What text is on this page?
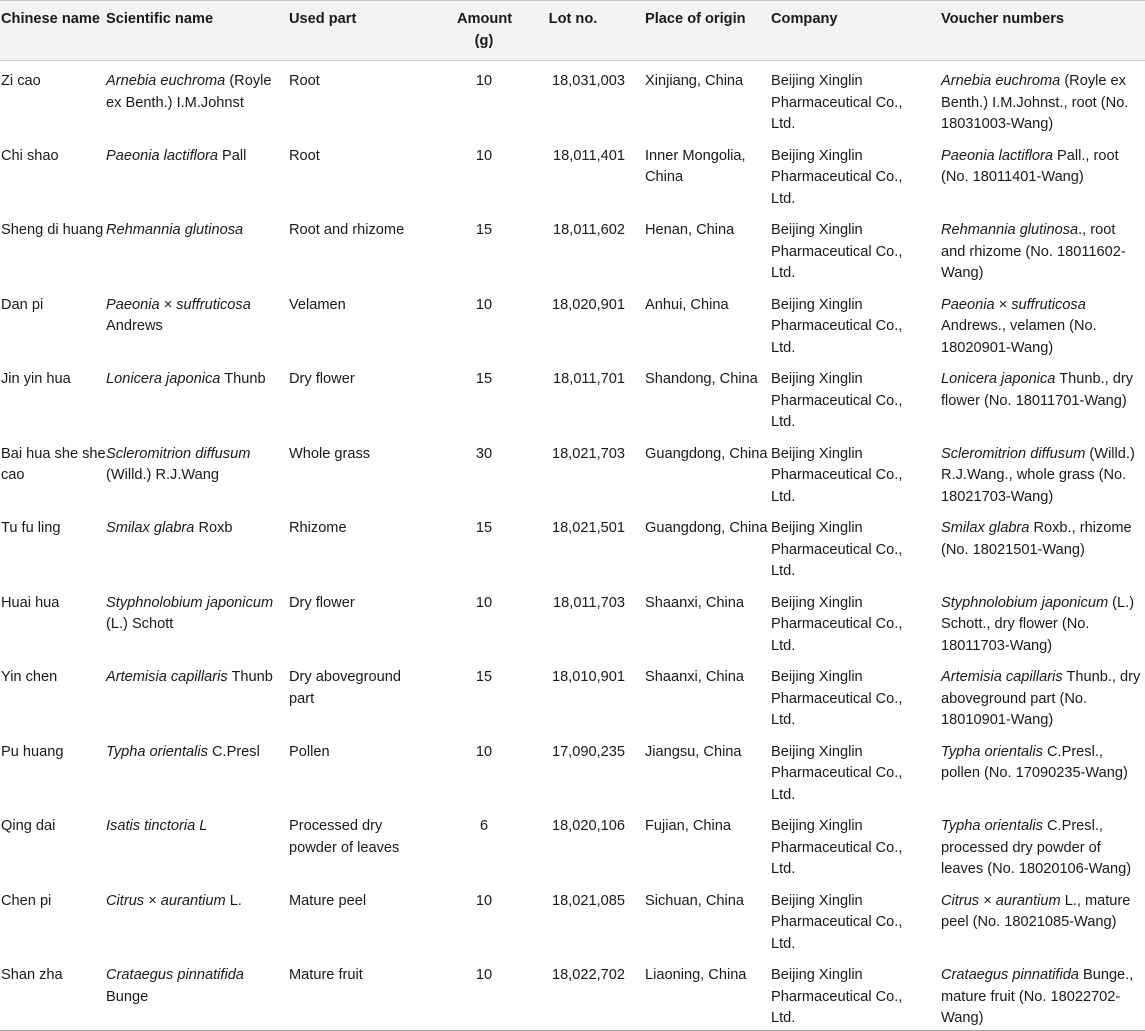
Chinese name	Scientific name	Used part	Amount (g)	Lot no.	Place of origin	Company	Voucher numbers
Zi cao	Arnebia euchroma (Royle ex Benth.) I.M.Johnst	Root	10	18,031,003	Xinjiang, China	Beijing Xinglin Pharmaceutical Co., Ltd.	Arnebia euchroma (Royle ex Benth.) I.M.Johnst., root (No. 18031003-Wang)
Chi shao	Paeonia lactiflora Pall	Root	10	18,011,401	Inner Mongolia, China	Beijing Xinglin Pharmaceutical Co., Ltd.	Paeonia lactiflora Pall., root (No. 18011401-Wang)
Sheng di huang	Rehmannia glutinosa	Root and rhizome	15	18,011,602	Henan, China	Beijing Xinglin Pharmaceutical Co., Ltd.	Rehmannia glutinosa., root and rhizome (No. 18011602-Wang)
Dan pi	Paeonia × suffruticosa Andrews	Velamen	10	18,020,901	Anhui, China	Beijing Xinglin Pharmaceutical Co., Ltd.	Paeonia × suffruticosa Andrews., velamen (No. 18020901-Wang)
Jin yin hua	Lonicera japonica Thunb	Dry flower	15	18,011,701	Shandong, China	Beijing Xinglin Pharmaceutical Co., Ltd.	Lonicera japonica Thunb., dry flower (No. 18011701-Wang)
Bai hua she she cao	Scleromitrion diffusum (Willd.) R.J.Wang	Whole grass	30	18,021,703	Guangdong, China	Beijing Xinglin Pharmaceutical Co., Ltd.	Scleromitrion diffusum (Willd.) R.J.Wang., whole grass (No. 18021703-Wang)
Tu fu ling	Smilax glabra Roxb	Rhizome	15	18,021,501	Guangdong, China	Beijing Xinglin Pharmaceutical Co., Ltd.	Smilax glabra Roxb., rhizome (No. 18021501-Wang)
Huai hua	Styphnolobium japonicum (L.) Schott	Dry flower	10	18,011,703	Shaanxi, China	Beijing Xinglin Pharmaceutical Co., Ltd.	Styphnolobium japonicum (L.) Schott., dry flower (No. 18011703-Wang)
Yin chen	Artemisia capillaris Thunb	Dry aboveground part	15	18,010,901	Shaanxi, China	Beijing Xinglin Pharmaceutical Co., Ltd.	Artemisia capillaris Thunb., dry aboveground part (No. 18010901-Wang)
Pu huang	Typha orientalis C.Presl	Pollen	10	17,090,235	Jiangsu, China	Beijing Xinglin Pharmaceutical Co., Ltd.	Typha orientalis C.Presl., pollen (No. 17090235-Wang)
Qing dai	Isatis tinctoria L	Processed dry powder of leaves	6	18,020,106	Fujian, China	Beijing Xinglin Pharmaceutical Co., Ltd.	Typha orientalis C.Presl., processed dry powder of leaves (No. 18020106-Wang)
Chen pi	Citrus × aurantium L.	Mature peel	10	18,021,085	Sichuan, China	Beijing Xinglin Pharmaceutical Co., Ltd.	Citrus × aurantium L., mature peel (No. 18021085-Wang)
Shan zha	Crataegus pinnatifida Bunge	Mature fruit	10	18,022,702	Liaoning, China	Beijing Xinglin Pharmaceutical Co., Ltd.	Crataegus pinnatifida Bunge., mature fruit (No. 18022702-Wang)
